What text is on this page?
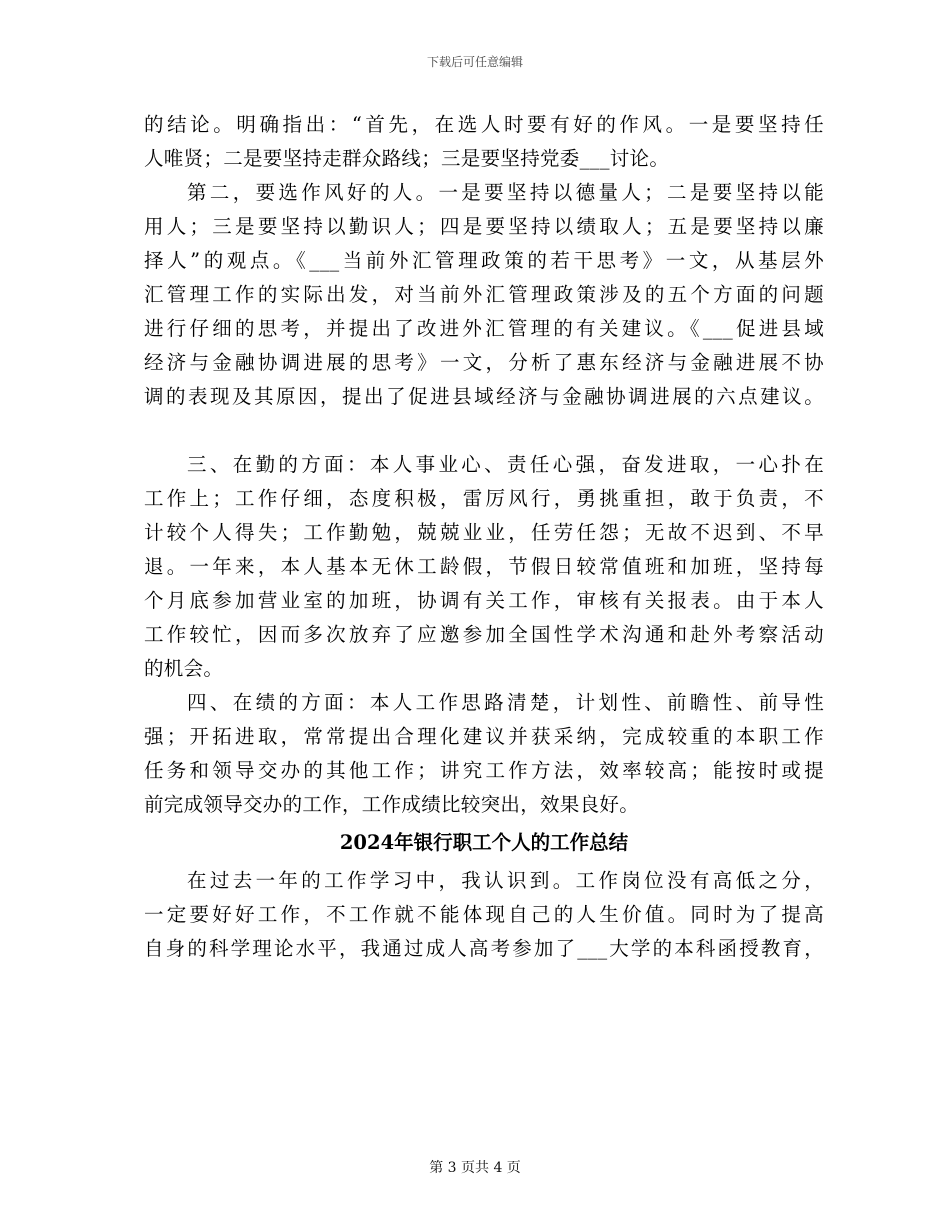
下载后可任意编辑
的结论。明确指出：“首先，在选人时要有好的作风。一是要坚持任
人唯贤；二是要坚持走群众路线；三是要坚持党委___讨论。
第二，要选作风好的人。一是要坚持以德量人；二是要坚持以能
用人；三是要坚持以勤识人；四是要坚持以绩取人；五是要坚持以廉
择人”的观点。《___当前外汇管理政策的若干思考》一文，从基层外
汇管理工作的实际出发，对当前外汇管理政策涉及的五个方面的问题
进行仔细的思考，并提出了改进外汇管理的有关建议。《___促进县域
经济与金融协调进展的思考》一文，分析了惠东经济与金融进展不协
调的表现及其原因，提出了促进县域经济与金融协调进展的六点建议。
三、在勤的方面：本人事业心、责任心强，奋发进取，一心扑在
工作上；工作仔细，态度积极，雷厉风行，勇挑重担，敢于负责，不
计较个人得失；工作勤勉，兢兢业业，任劳任怨；无故不迟到、不早
退。一年来，本人基本无休工龄假，节假日较常值班和加班，坚持每
个月底参加营业室的加班，协调有关工作，审核有关报表。由于本人
工作较忙，因而多次放弃了应邀参加全国性学术沟通和赴外考察活动
的机会。
四、在绩的方面：本人工作思路清楚，计划性、前瞻性、前导性
强；开拓进取，常常提出合理化建议并获采纳，完成较重的本职工作
任务和领导交办的其他工作；讲究工作方法，效率较高；能按时或提
前完成领导交办的工作，工作成绩比较突出，效果良好。
2024年银行职工个人的工作总结
在过去一年的工作学习中，我认识到。工作岗位没有高低之分，
一定要好好工作，不工作就不能体现自己的人生价值。同时为了提高
自身的科学理论水平，我通过成人高考参加了___大学的本科函授教育，
第 3 页共 4 页
